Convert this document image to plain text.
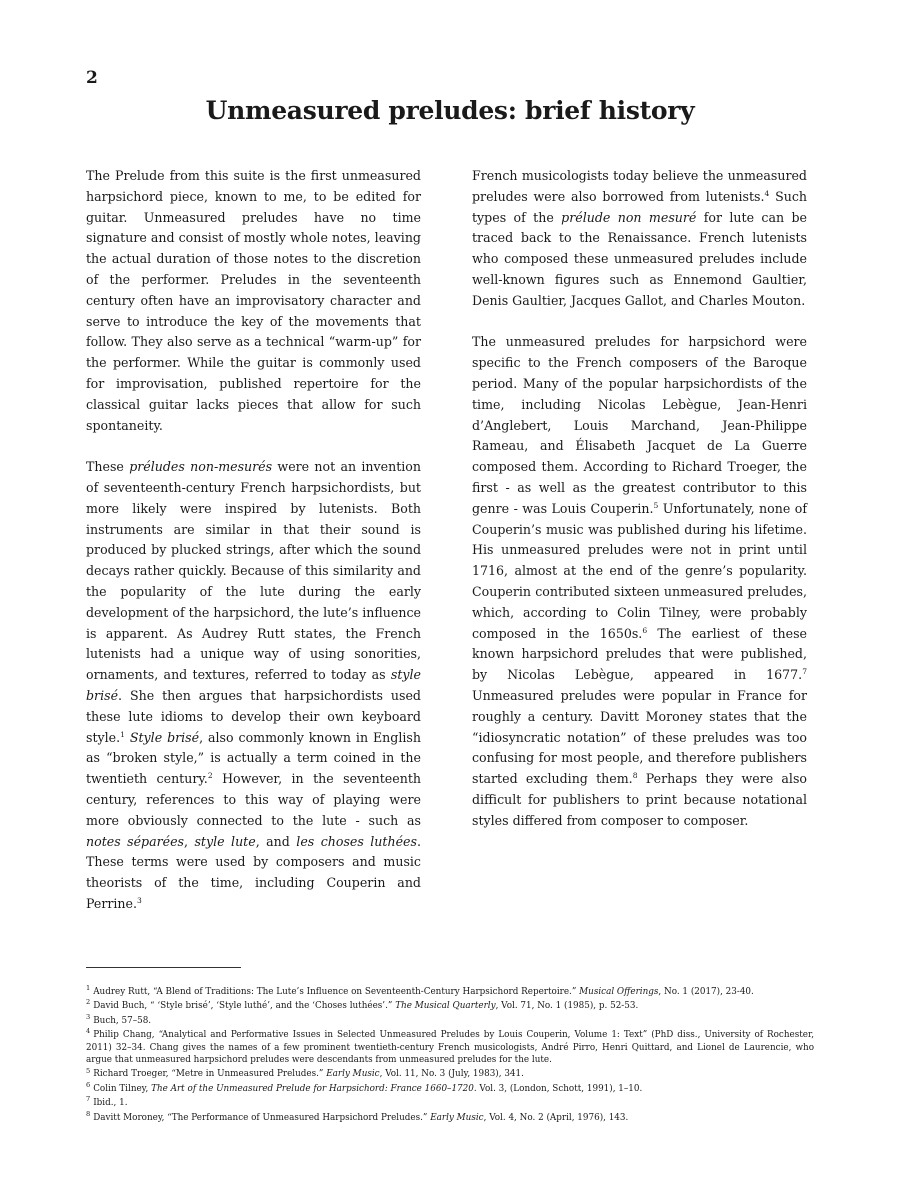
2
Unmeasured preludes: brief history

The Prelude from this suite is the first unmeasured harpsichord piece, known to me, to be edited for guitar. Unmeasured preludes have no time signature and consist of mostly whole notes, leaving the actual duration of those notes to the discretion of the performer. Preludes in the seventeenth century often have an improvisatory character and serve to introduce the key of the movements that follow. They also serve as a technical “warm-up” for the performer. While the guitar is commonly used for improvisation, published repertoire for the classical guitar lacks pieces that allow for such spontaneity.

These préludes non-mesurés were not an invention of seventeenth-century French harpsichordists, but more likely were inspired by lutenists. Both instruments are similar in that their sound is produced by plucked strings, after which the sound decays rather quickly. Because of this similarity and the popularity of the lute during the early development of the harpsichord, the lute’s influence is apparent. As Audrey Rutt states, the French lutenists had a unique way of using sonorities, ornaments, and textures, referred to today as style brisé. She then argues that harpsichordists used these lute idioms to develop their own keyboard style.$^1$ Style brisé, also commonly known in English as “broken style,” is actually a term coined in the twentieth century.$^2$ However, in the seventeenth century, references to this way of playing were more obviously connected to the lute - such as notes séparées, style lute, and les choses luthées. These terms were used by composers and music theorists of the time, including Couperin and Perrine.$^3$

French musicologists today believe the unmeasured preludes were also borrowed from lutenists.$^4$ Such types of the prélude non mesuré for lute can be traced back to the Renaissance. French lutenists who composed these unmeasured preludes include well-known figures such as Ennemond Gaultier, Denis Gaultier, Jacques Gallot, and Charles Mouton.

The unmeasured preludes for harpsichord were specific to the French composers of the Baroque period. Many of the popular harpsichordists of the time, including Nicolas Lebègue, Jean-Henri d’Anglebert, Louis Marchand, Jean-Philippe Rameau, and Élisabeth Jacquet de La Guerre composed them. According to Richard Troeger, the first - as well as the greatest contributor to this genre - was Louis Couperin.$^5$ Unfortunately, none of Couperin’s music was published during his lifetime. His unmeasured preludes were not in print until 1716, almost at the end of the genre’s popularity. Couperin contributed sixteen unmeasured preludes, which, according to Colin Tilney, were probably composed in the 1650s.$^6$ The earliest of these known harpsichord preludes that were published, by Nicolas Lebègue, appeared in 1677.$^7$ Unmeasured preludes were popular in France for roughly a century. Davitt Moroney states that the “idiosyncratic notation” of these preludes was too confusing for most people, and therefore publishers started excluding them.$^8$ Perhaps they were also difficult for publishers to print because notational styles differed from composer to composer.

$^1$ Audrey Rutt, “A Blend of Traditions: The Lute’s Influence on Seventeenth-Century Harpsichord Repertoire.” Musical Offerings, No. 1 (2017), 23-40.
$^2$ David Buch, “ ‘Style brisé’, ‘Style luthé’, and the ‘Choses luthées’.” The Musical Quarterly, Vol. 71, No. 1 (1985), p. 52-53.
$^3$ Buch, 57–58.
$^4$ Philip Chang, “Analytical and Performative Issues in Selected Unmeasured Preludes by Louis Couperin, Volume 1: Text” (PhD diss., University of Rochester, 2011) 32–34. Chang gives the names of a few prominent twentieth-century French musicologists, André Pirro, Henri Quittard, and Lionel de Laurencie, who argue that unmeasured harpsichord preludes were descendants from unmeasured preludes for the lute.
$^5$ Richard Troeger, “Metre in Unmeasured Preludes.” Early Music, Vol. 11, No. 3 (July, 1983), 341.
$^6$ Colin Tilney, The Art of the Unmeasured Prelude for Harpsichord: France 1660–1720. Vol. 3, (London, Schott, 1991), 1–10.
$^7$ Ibid., 1.
$^8$ Davitt Moroney, “The Performance of Unmeasured Harpsichord Preludes.” Early Music, Vol. 4, No. 2 (April, 1976), 143.
